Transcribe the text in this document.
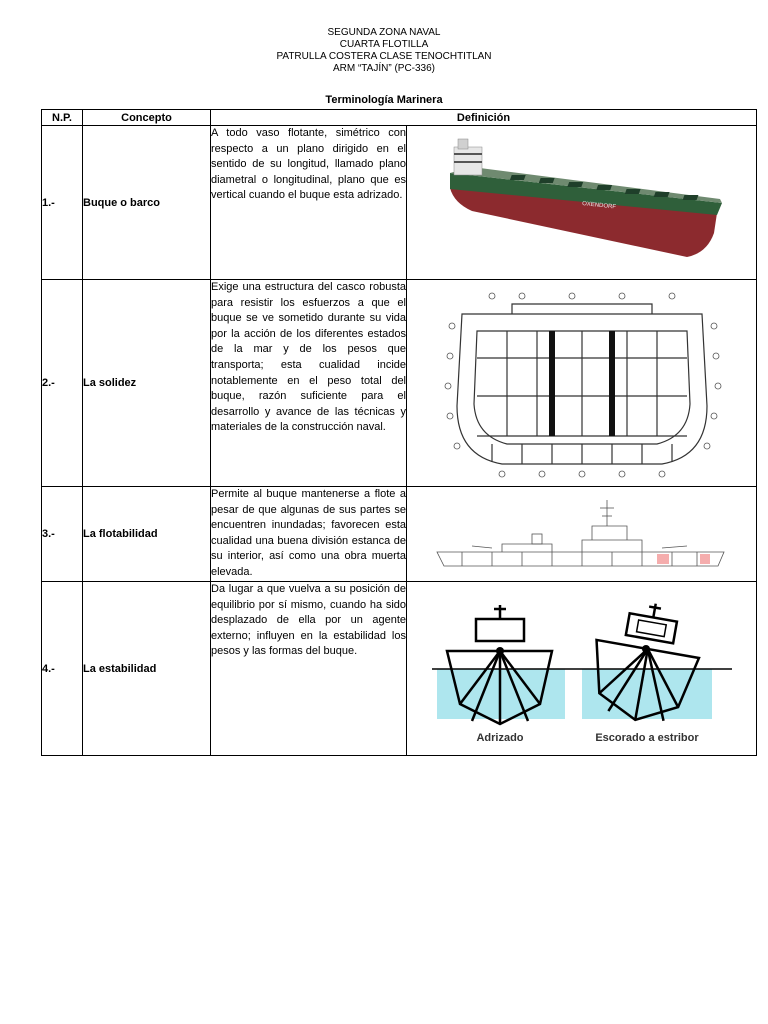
SEGUNDA ZONA NAVAL
CUARTA FLOTILLA
PATRULLA COSTERA CLASE TENOCHTITLAN
ARM “TAJÍN” (PC-336)
Terminología Marinera
N.P.	Concepto	Definición	
1.-	Buque o barco	A todo vaso flotante, simétrico con respecto a un plano dirigido en el sentido de su longitud, llamado plano diametral o longitudinal, plano que es vertical cuando el buque esta adrizado.	OXENDORF

2.-	La solidez	Exige una estructura del casco robusta para resistir los esfuerzos a que el buque se ve sometido durante su vida por la acción de los diferentes estados de la mar y de los pesos que transporta; esta cualidad incide notablemente en el peso total del buque, razón suficiente para el desarrollo y avance de las técnicas y materiales de la construcción naval.	

3.-	La flotabilidad	Permite al buque mantenerse a flote a pesar de que algunas de sus partes se encuentren inundadas; favorecen esta cualidad una buena división estanca de su interior, así como una obra muerta elevada.	

4.-	La estabilidad	Da lugar a que vuelva a su posición de equilibrio por sí mismo, cuando ha sido desplazado de ella por un agente externo; influyen en la estabilidad los pesos y las formas del buque.	Adrizado Escorado a estribor
